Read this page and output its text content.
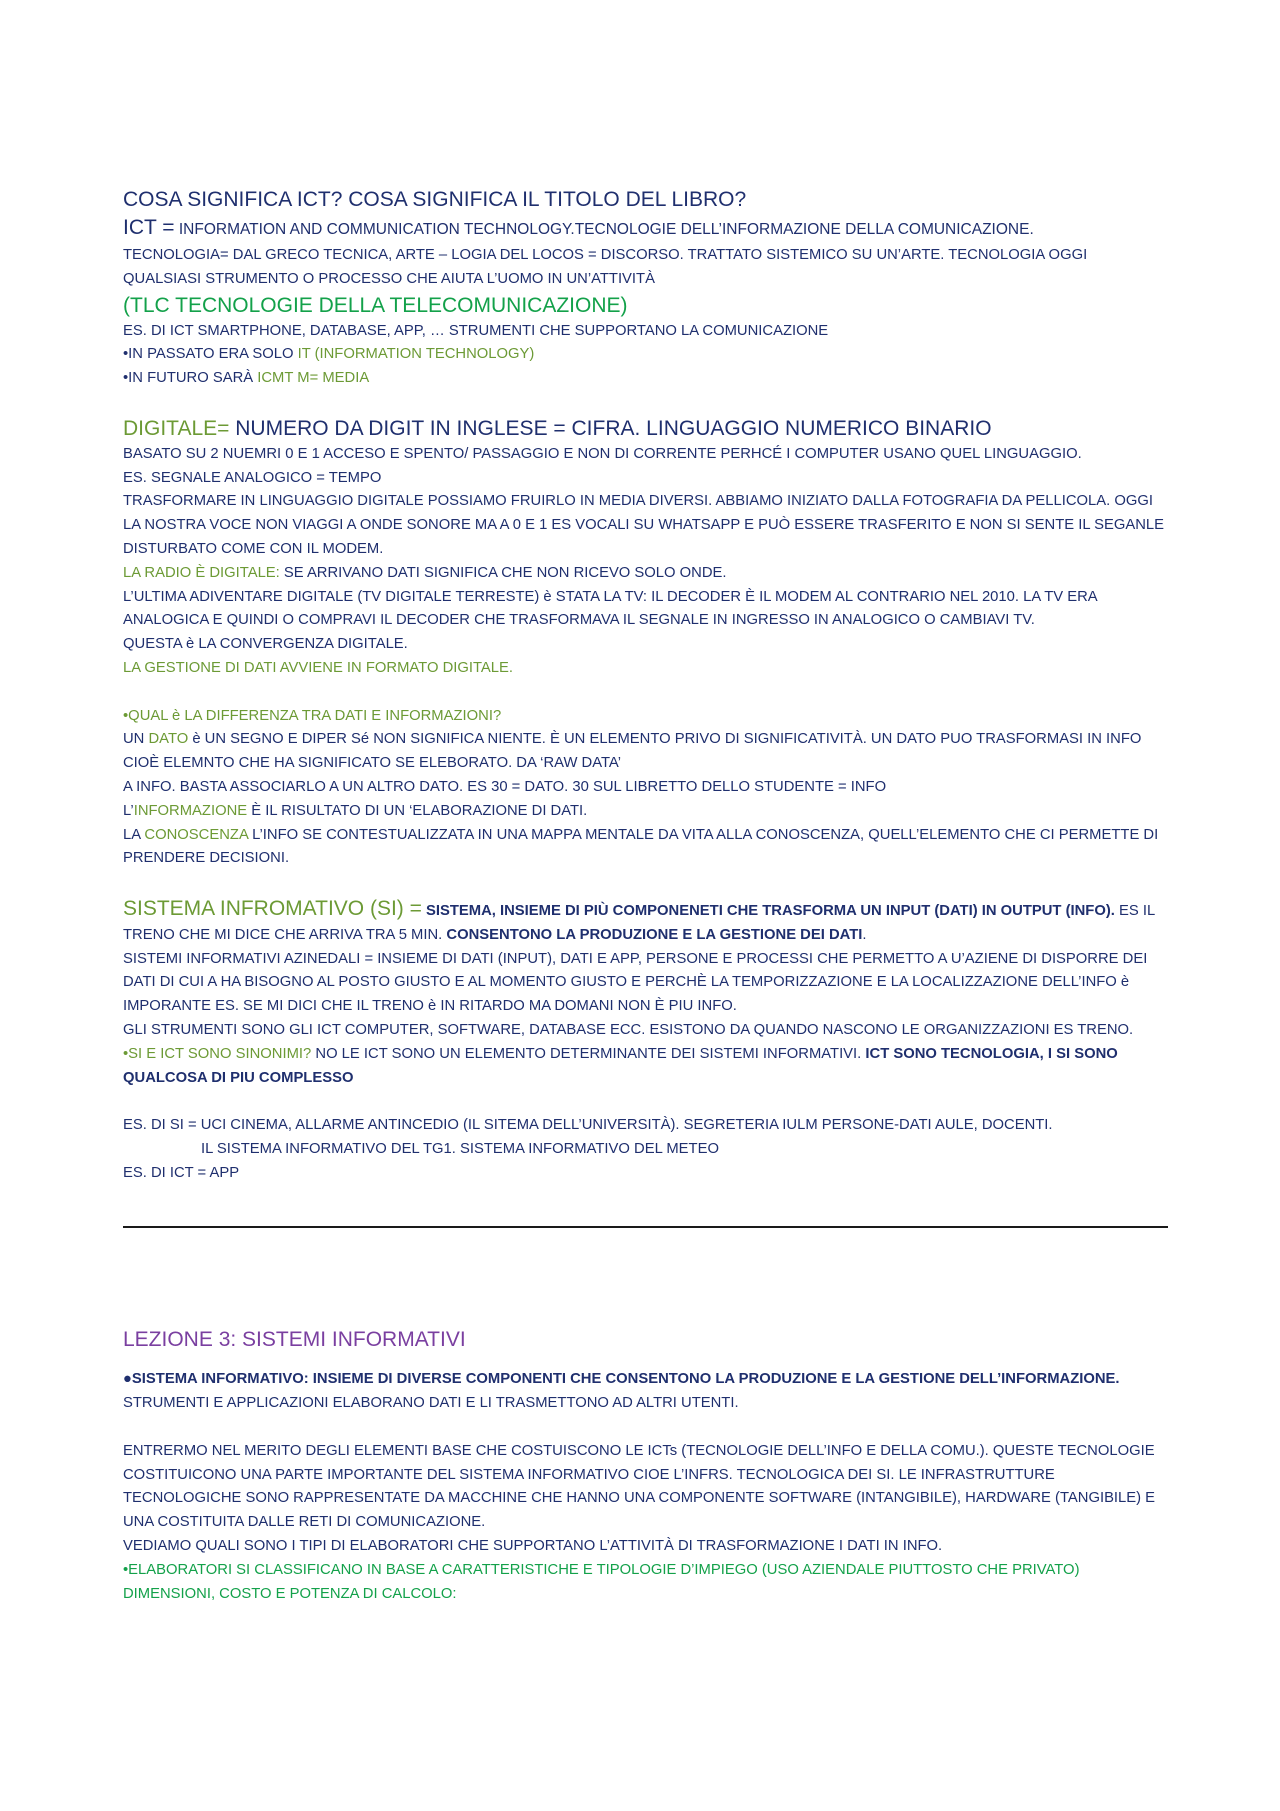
COSA SIGNIFICA ICT? COSA SIGNIFICA IL TITOLO DEL LIBRO?

ICT = INFORMATION AND COMMUNICATION TECHNOLOGY.TECNOLOGIE DELL’INFORMAZIONE DELLA COMUNICAZIONE.

TECNOLOGIA= DAL GRECO TECNICA, ARTE – LOGIA DEL LOCOS = DISCORSO. TRATTATO SISTEMICO SU UN’ARTE. TECNOLOGIA OGGI QUALSIASI STRUMENTO O PROCESSO CHE AIUTA L’UOMO IN UN’ATTIVITÀ

(TLC TECNOLOGIE DELLA TELECOMUNICAZIONE)

ES. DI ICT SMARTPHONE, DATABASE, APP, … STRUMENTI CHE SUPPORTANO LA COMUNICAZIONE

•IN PASSATO ERA SOLO IT (INFORMATION TECHNOLOGY)

•IN FUTURO SARÀ ICMT M= MEDIA

DIGITALE= NUMERO DA DIGIT IN INGLESE = CIFRA. LINGUAGGIO NUMERICO BINARIO

BASATO SU 2 NUEMRI 0 E 1 ACCESO E SPENTO/ PASSAGGIO E NON DI CORRENTE PERHCÉ I COMPUTER USANO QUEL LINGUAGGIO.

ES. SEGNALE ANALOGICO = TEMPO

TRASFORMARE IN LINGUAGGIO DIGITALE POSSIAMO FRUIRLO IN MEDIA DIVERSI. ABBIAMO INIZIATO DALLA FOTOGRAFIA DA PELLICOLA. OGGI LA NOSTRA VOCE NON VIAGGI A ONDE SONORE MA A 0 E 1 ES VOCALI SU WHATSAPP E PUÒ ESSERE TRASFERITO E NON SI SENTE IL SEGANLE DISTURBATO COME CON IL MODEM.

LA RADIO È DIGITALE: SE ARRIVANO DATI SIGNIFICA CHE NON RICEVO SOLO ONDE.

L’ULTIMA ADIVENTARE DIGITALE (TV DIGITALE TERRESTE) è STATA LA TV: IL DECODER È IL MODEM AL CONTRARIO NEL 2010. LA TV ERA ANALOGICA E QUINDI O COMPRAVI IL DECODER CHE TRASFORMAVA IL SEGNALE IN INGRESSO IN ANALOGICO O CAMBIAVI TV.

QUESTA è LA CONVERGENZA DIGITALE.

LA GESTIONE DI DATI AVVIENE IN FORMATO DIGITALE.

•QUAL è LA DIFFERENZA TRA DATI E INFORMAZIONI?

UN DATO è UN SEGNO E DIPER Sé NON SIGNIFICA NIENTE. È UN ELEMENTO PRIVO DI SIGNIFICATIVITÀ. UN DATO PUO TRASFORMASI IN INFO CIOÈ ELEMNTO CHE HA SIGNIFICATO SE ELEBORATO. DA ‘RAW DATA’

A INFO. BASTA ASSOCIARLO A UN ALTRO DATO. ES 30 = DATO. 30 SUL LIBRETTO DELLO STUDENTE = INFO

L’INFORMAZIONE È IL RISULTATO DI UN ‘ELABORAZIONE DI DATI.

LA CONOSCENZA L’INFO SE CONTESTUALIZZATA IN UNA MAPPA MENTALE DA VITA ALLA CONOSCENZA, QUELL’ELEMENTO CHE CI PERMETTE DI PRENDERE DECISIONI.

SISTEMA INFROMATIVO (SI) = SISTEMA, INSIEME DI PIÙ COMPONENETI CHE TRASFORMA UN INPUT (DATI) IN OUTPUT (INFO). ES IL TRENO CHE MI DICE CHE ARRIVA TRA 5 MIN. CONSENTONO LA PRODUZIONE E LA GESTIONE DEI DATI.

SISTEMI INFORMATIVI AZINEDALI = INSIEME DI DATI (INPUT), DATI E APP, PERSONE E PROCESSI CHE PERMETTO A U’AZIENE DI DISPORRE DEI DATI DI CUI A HA BISOGNO AL POSTO GIUSTO E AL MOMENTO GIUSTO E PERCHÈ LA TEMPORIZZAZIONE E LA LOCALIZZAZIONE DELL’INFO è IMPORANTE ES. SE MI DICI CHE IL TRENO è IN RITARDO MA DOMANI NON È PIU INFO.

GLI STRUMENTI SONO GLI ICT COMPUTER, SOFTWARE, DATABASE ECC. ESISTONO DA QUANDO NASCONO LE ORGANIZZAZIONI ES TRENO.

•SI E ICT SONO SINONIMI? NO LE ICT SONO UN ELEMENTO DETERMINANTE DEI SISTEMI INFORMATIVI. ICT SONO TECNOLOGIA, I SI SONO QUALCOSA DI PIU COMPLESSO

ES. DI SI = UCI CINEMA, ALLARME ANTINCEDIO (IL SITEMA DELL’UNIVERSITÀ). SEGRETERIA IULM PERSONE-DATI AULE, DOCENTI.

IL SISTEMA INFORMATIVO DEL TG1. SISTEMA INFORMATIVO DEL METEO

ES. DI ICT = APP

LEZIONE 3: SISTEMI INFORMATIVI

●SISTEMA INFORMATIVO: INSIEME DI DIVERSE COMPONENTI CHE CONSENTONO LA PRODUZIONE E LA GESTIONE DELL’INFORMAZIONE.

STRUMENTI E APPLICAZIONI ELABORANO DATI E LI TRASMETTONO AD ALTRI UTENTI.

ENTRERMO NEL MERITO DEGLI ELEMENTI BASE CHE COSTUISCONO LE ICTs (TECNOLOGIE DELL’INFO E DELLA COMU.). QUESTE TECNOLOGIE COSTITUICONO UNA PARTE IMPORTANTE DEL SISTEMA INFORMATIVO CIOE L’INFRS. TECNOLOGICA DEI SI. LE INFRASTRUTTURE TECNOLOGICHE SONO RAPPRESENTATE DA MACCHINE CHE HANNO UNA COMPONENTE SOFTWARE (INTANGIBILE), HARDWARE (TANGIBILE) E UNA COSTITUITA DALLE RETI DI COMUNICAZIONE.

VEDIAMO QUALI SONO I TIPI DI ELABORATORI CHE SUPPORTANO L’ATTIVITÀ DI TRASFORMAZIONE I DATI IN INFO.

•ELABORATORI SI CLASSIFICANO IN BASE A CARATTERISTICHE E TIPOLOGIE D’IMPIEGO (USO AZIENDALE PIUTTOSTO CHE PRIVATO) DIMENSIONI, COSTO E POTENZA DI CALCOLO:
